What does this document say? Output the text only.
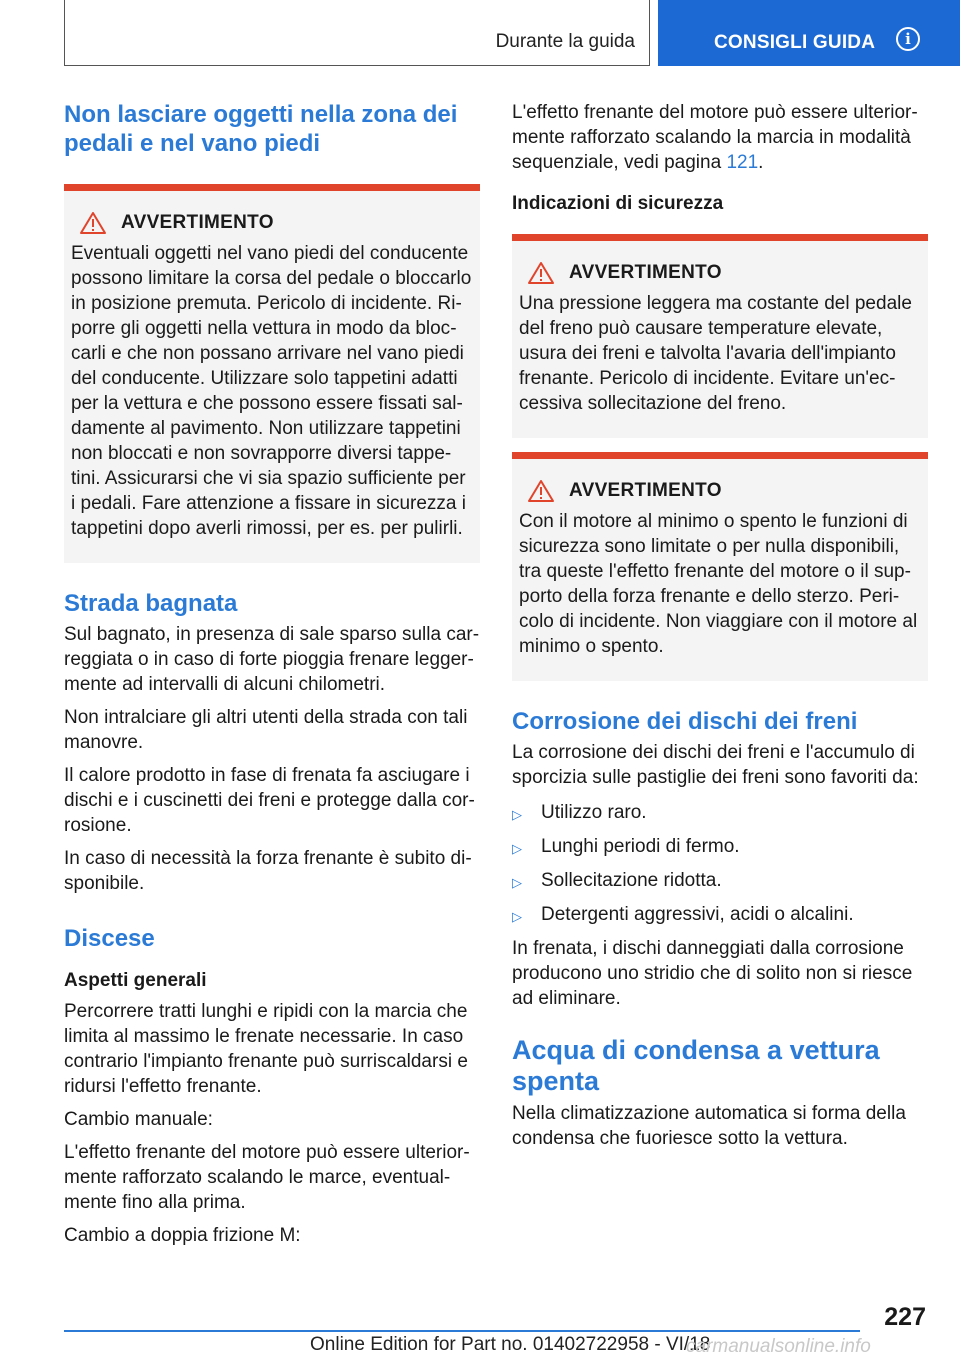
Durante la guida	CONSIGLI GUIDA	i
Non lasciare oggetti nella zona dei pedali e nel vano piedi
AVVERTIMENTO
Eventuali oggetti nel vano piedi del conducente possono limitare la corsa del pedale o bloccarlo in posizione premuta. Pericolo di incidente. Riporre gli oggetti nella vettura in modo da bloccarli e che non possano arrivare nel vano piedi del conducente. Utilizzare solo tappetini adatti per la vettura e che possono essere fissati saldamente al pavimento. Non utilizzare tappetini non bloccati e non sovrapporre diversi tappetini. Assicurarsi che vi sia spazio sufficiente per i pedali. Fare attenzione a fissare in sicurezza i tappetini dopo averli rimossi, per es. per pulirli.
Strada bagnata
Sul bagnato, in presenza di sale sparso sulla carreggiata o in caso di forte pioggia frenare leggermente ad intervalli di alcuni chilometri.
Non intralciare gli altri utenti della strada con tali manovre.
Il calore prodotto in fase di frenata fa asciugare i dischi e i cuscinetti dei freni e protegge dalla corrosione.
In caso di necessità la forza frenante è subito disponibile.
Discese
Aspetti generali
Percorrere tratti lunghi e ripidi con la marcia che limita al massimo le frenate necessarie. In caso contrario l'impianto frenante può surriscaldarsi e ridursi l'effetto frenante.
Cambio manuale:
L'effetto frenante del motore può essere ulteriormente rafforzato scalando le marce, eventualmente fino alla prima.
Cambio a doppia frizione M:
L'effetto frenante del motore può essere ulteriormente rafforzato scalando la marcia in modalità sequenziale, vedi pagina 121.
Indicazioni di sicurezza
AVVERTIMENTO
Una pressione leggera ma costante del pedale del freno può causare temperature elevate, usura dei freni e talvolta l'avaria dell'impianto frenante. Pericolo di incidente. Evitare un'eccessiva sollecitazione del freno.
AVVERTIMENTO
Con il motore al minimo o spento le funzioni di sicurezza sono limitate o per nulla disponibili, tra queste l'effetto frenante del motore o il supporto della forza frenante e dello sterzo. Pericolo di incidente. Non viaggiare con il motore al minimo o spento.
Corrosione dei dischi dei freni
La corrosione dei dischi dei freni e l'accumulo di sporcizia sulle pastiglie dei freni sono favoriti da:
▷	Utilizzo raro.
▷	Lunghi periodi di fermo.
▷	Sollecitazione ridotta.
▷	Detergenti aggressivi, acidi o alcalini.
In frenata, i dischi danneggiati dalla corrosione producono uno stridio che di solito non si riesce ad eliminare.
Acqua di condensa a vettura spenta
Nella climatizzazione automatica si forma della condensa che fuoriesce sotto la vettura.
227
Online Edition for Part no. 01402722958 - VI/18
carmanualsonline.info
